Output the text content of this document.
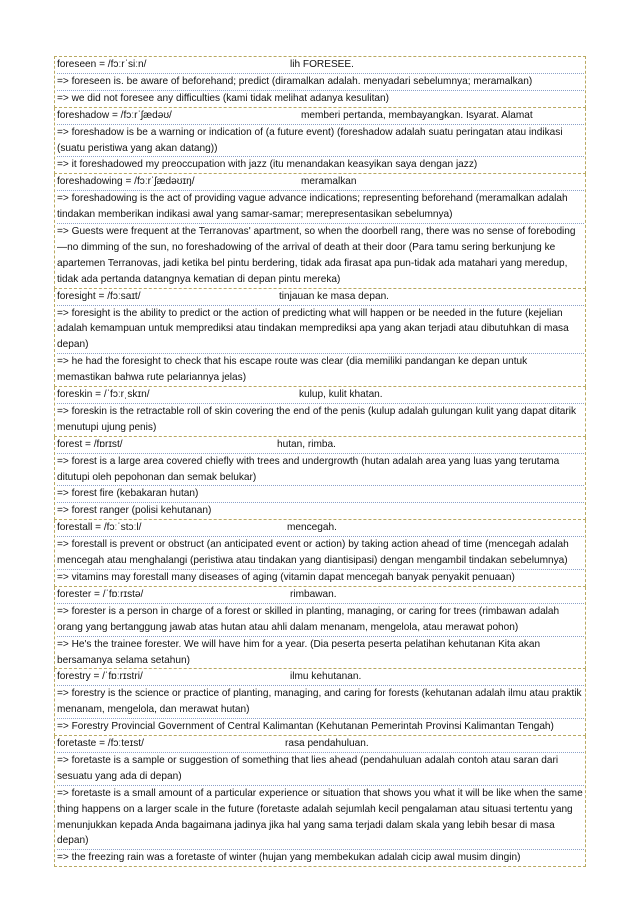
foreseen = /fɔːrˈsiːn/	lih FORESEE.
=> foreseen is. be aware of beforehand; predict (diramalkan adalah. menyadari sebelumnya; meramalkan)
=> we did not foresee any difficulties (kami tidak melihat adanya kesulitan)
foreshadow = /fɔːrˈʃædəʊ/	memberi pertanda, membayangkan. Isyarat. Alamat
=> foreshadow is be a warning or indication of (a future event) (foreshadow adalah suatu peringatan atau indikasi (suatu peristiwa yang akan datang))
=> it foreshadowed my preoccupation with jazz (itu menandakan keasyikan saya dengan jazz)
foreshadowing = /fɔːrˈʃædəʊɪŋ/	meramalkan
=> foreshadowing is the act of providing vague advance indications; representing beforehand (meramalkan adalah tindakan memberikan indikasi awal yang samar-samar; merepresentasikan sebelumnya)
=> Guests were frequent at the Terranovas' apartment, so when the doorbell rang, there was no sense of foreboding—no dimming of the sun, no foreshadowing of the arrival of death at their door (Para tamu sering berkunjung ke apartemen Terranovas, jadi ketika bel pintu berdering, tidak ada firasat apa pun-tidak ada matahari yang meredup, tidak ada pertanda datangnya kematian di depan pintu mereka)
foresight = /fɔːsaɪt/	tinjauan ke masa depan.
=> foresight is the ability to predict or the action of predicting what will happen or be needed in the future (kejelian adalah kemampuan untuk memprediksi atau tindakan memprediksi apa yang akan terjadi atau dibutuhkan di masa depan)
=> he had the foresight to check that his escape route was clear (dia memiliki pandangan ke depan untuk memastikan bahwa rute pelariannya jelas)
foreskin = /ˈfɔːrˌskɪn/	kulup, kulit khatan.
=> foreskin is the retractable roll of skin covering the end of the penis (kulup adalah gulungan kulit yang dapat ditarik menutupi ujung penis)
forest = /fɒrɪst/	hutan, rimba.
=> forest is a large area covered chiefly with trees and undergrowth (hutan adalah area yang luas yang terutama ditutupi oleh pepohonan dan semak belukar)
=> forest fire (kebakaran hutan)
=> forest ranger (polisi kehutanan)
forestall = /fɔːˈstɔːl/	mencegah.
=> forestall is prevent or obstruct (an anticipated event or action) by taking action ahead of time (mencegah adalah mencegah atau menghalangi (peristiwa atau tindakan yang diantisipasi) dengan mengambil tindakan sebelumnya)
=> vitamins may forestall many diseases of aging (vitamin dapat mencegah banyak penyakit penuaan)
forester = /ˈfɒːrɪstə/	rimbawan.
=> forester is a person in charge of a forest or skilled in planting, managing, or caring for trees (rimbawan adalah orang yang bertanggung jawab atas hutan atau ahli dalam menanam, mengelola, atau merawat pohon)
=> He's the trainee forester. We will have him for a year. (Dia peserta peserta pelatihan kehutanan Kita akan bersamanya selama setahun)
forestry = /ˈfɒːrɪstri/	ilmu kehutanan.
=> forestry is the science or practice of planting, managing, and caring for forests (kehutanan adalah ilmu atau praktik menanam, mengelola, dan merawat hutan)
=> Forestry Provincial Government of Central Kalimantan (Kehutanan Pemerintah Provinsi Kalimantan Tengah)
foretaste = /fɔːteɪst/	rasa pendahuluan.
=> foretaste is a sample or suggestion of something that lies ahead (pendahuluan adalah contoh atau saran dari sesuatu yang ada di depan)
=> foretaste is a small amount of a particular experience or situation that shows you what it will be like when the same thing happens on a larger scale in the future (foretaste adalah sejumlah kecil pengalaman atau situasi tertentu yang menunjukkan kepada Anda bagaimana jadinya jika hal yang sama terjadi dalam skala yang lebih besar di masa depan)
=> the freezing rain was a foretaste of winter (hujan yang membekukan adalah cicip awal musim dingin)
